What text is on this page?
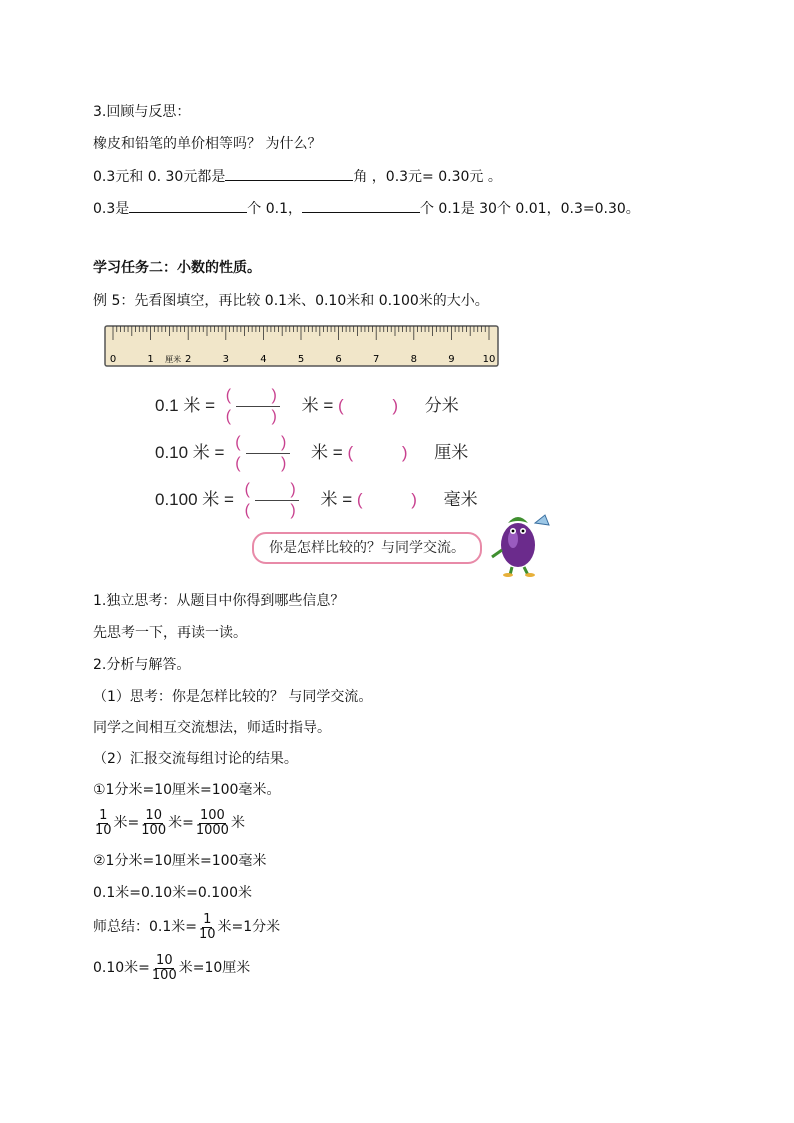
3.回顾与反思：
橡皮和铅笔的单价相等吗？ 为什么？
0.3元和 0. 30元都是	角 ，0.3元= 0.30元 。
0.3是	个 0.1，	个 0.1是 30个 0.01，0.3=0.30。
学习任务二：小数的性质。
例 5：先看图填空，再比较 0.1米、0.10米和 0.100米的大小。
0	1	2	3	4	5	6	7	8	9	10
厘米
0.1 米 =
( )
( )
米 = ( ) 分米
0.10 米 =
( )
( )
米 = ( ) 厘米
0.100 米 =
( )
( )
米 = ( ) 毫米
你是怎样比较的？与同学交流。
1.独立思考：从题目中你得到哪些信息？
先思考一下，再读一读。
2.分析与解答。
（1）思考：你是怎样比较的？ 与同学交流。
同学之间相互交流想法，师适时指导。
（2）汇报交流每组讨论的结果。
①1分米=10厘米=100毫米。
$\frac{1}{10}$ 米= $\frac{10}{100}$ 米= $\frac{100}{1000}$ 米
②1分米=10厘米=100毫米
0.1米=0.10米=0.100米
师总结：0.1米= $\frac{1}{10}$ 米=1分米
0.10米= $\frac{10}{100}$ 米=10厘米
